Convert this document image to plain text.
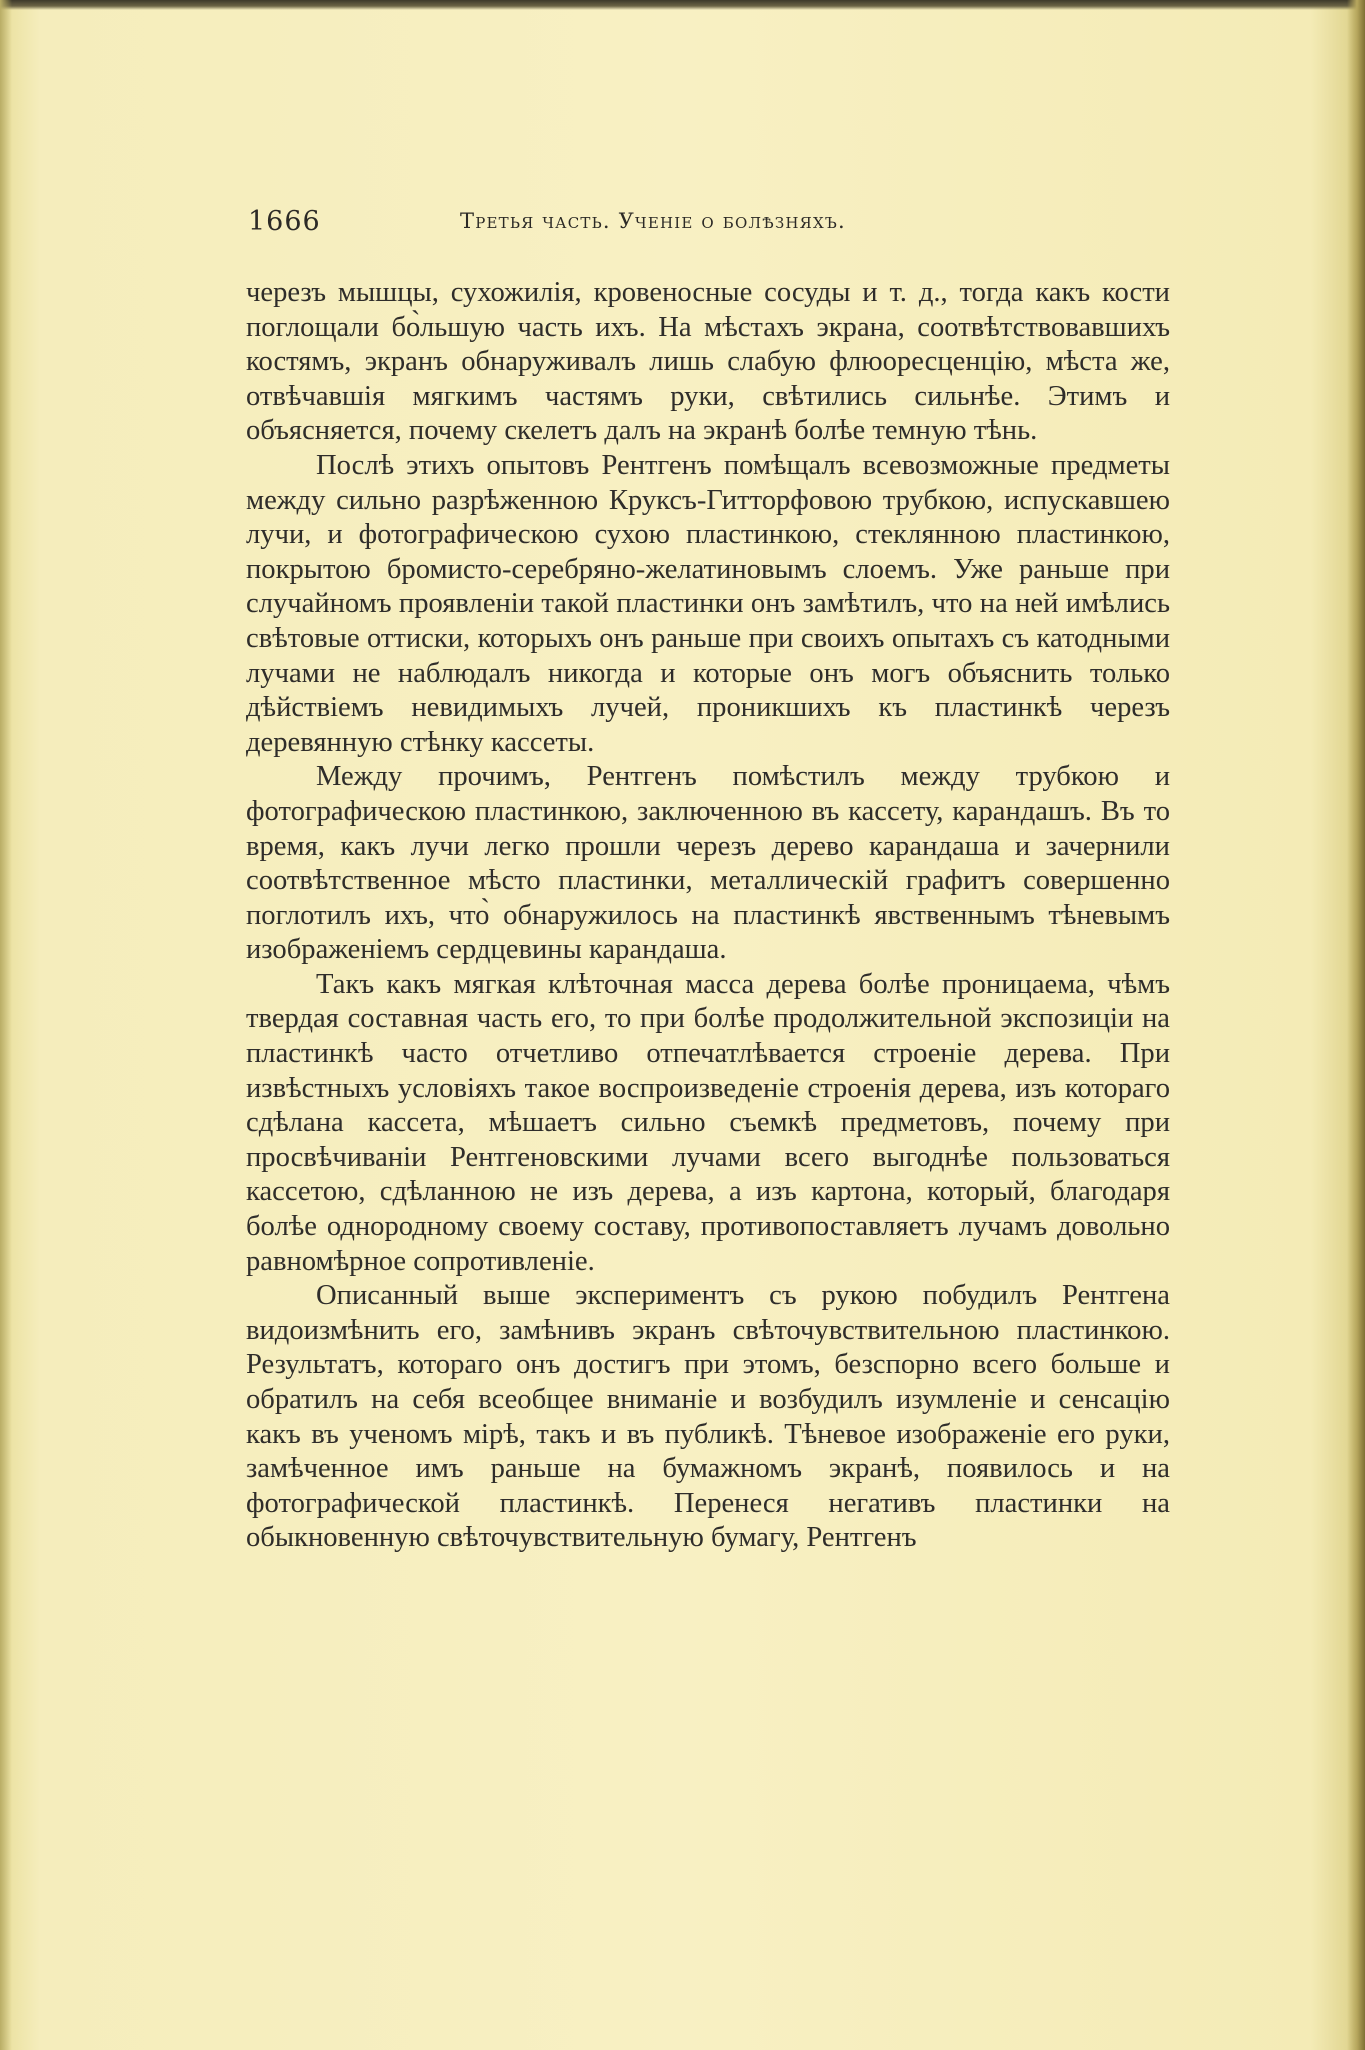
1666	Третья часть. Ученіе о болѣзняхъ.

черезъ мышцы, сухожилія, кровеносные сосуды и т. д., тогда какъ кости поглощали бо̀льшую часть ихъ. На мѣстахъ экрана, соотвѣтствовавшихъ костямъ, экранъ обнаруживалъ лишь слабую флюоресценцію, мѣста же, отвѣчавшія мягкимъ частямъ руки, свѣтились сильнѣе. Этимъ и объясняется, почему скелетъ далъ на экранѣ болѣе темную тѣнь.

Послѣ этихъ опытовъ Рентгенъ помѣщалъ всевозможные предметы между сильно разрѣженною Круксъ-Гитторфовою трубкою, испускавшею лучи, и фотографическою сухою пластинкою, стеклянною пластинкою, покрытою бромисто-серебряно-желатиновымъ слоемъ. Уже раньше при случайномъ проявленіи такой пластинки онъ замѣтилъ, что на ней имѣлись свѣтовые оттиски, которыхъ онъ раньше при своихъ опытахъ съ катодными лучами не наблюдалъ никогда и которые онъ могъ объяснить только дѣйствіемъ невидимыхъ лучей, проникшихъ къ пластинкѣ черезъ деревянную стѣнку кассеты.

Между прочимъ, Рентгенъ помѣстилъ между трубкою и фотографическою пластинкою, заключенною въ кассету, карандашъ. Въ то время, какъ лучи легко прошли черезъ дерево карандаша и зачернили соотвѣтственное мѣсто пластинки, металлическій графитъ совершенно поглотилъ ихъ, что̀ обнаружилось на пластинкѣ явственнымъ тѣневымъ изображеніемъ сердцевины карандаша.

Такъ какъ мягкая клѣточная масса дерева болѣе проницаема, чѣмъ твердая составная часть его, то при болѣе продолжительной экспозиціи на пластинкѣ часто отчетливо отпечатлѣвается строеніе дерева. При извѣстныхъ условіяхъ такое воспроизведеніе строенія дерева, изъ котораго сдѣлана кассета, мѣшаетъ сильно съемкѣ предметовъ, почему при просвѣчиваніи Рентгеновскими лучами всего выгоднѣе пользоваться кассетою, сдѣланною не изъ дерева, а изъ картона, который, благодаря болѣе однородному своему составу, противопоставляетъ лучамъ довольно равномѣрное сопротивленіе.

Описанный выше экспериментъ съ рукою побудилъ Рентгена видоизмѣнить его, замѣнивъ экранъ свѣточувствительною пластинкою. Результатъ, котораго онъ достигъ при этомъ, безспорно всего больше и обратилъ на себя всеобщее вниманіе и возбудилъ изумленіе и сенсацію какъ въ ученомъ мірѣ, такъ и въ публикѣ. Тѣневое изображеніе его руки, замѣченное имъ раньше на бумажномъ экранѣ, появилось и на фотографической пластинкѣ. Перенеся негативъ пластинки на обыкновенную свѣточувствительную бумагу, Рентгенъ
